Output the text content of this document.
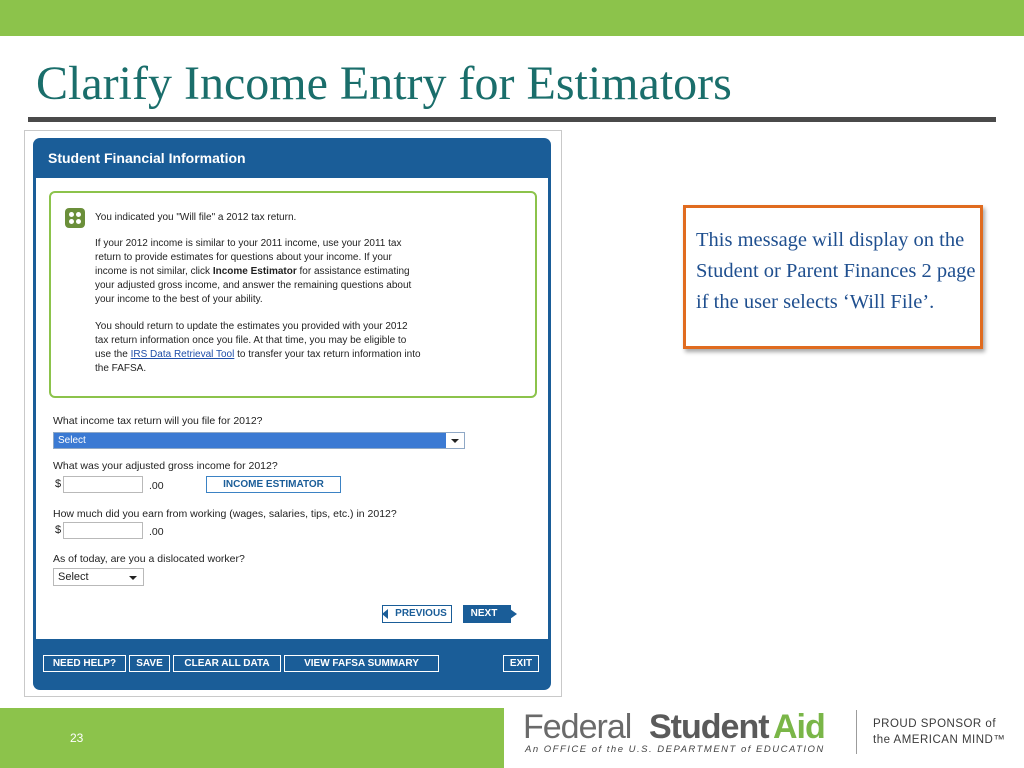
Clarify Income Entry for Estimators
Student Financial Information
You indicated you "Will file" a 2012 tax return.
If your 2012 income is similar to your 2011 income, use your 2011 tax
return to provide estimates for questions about your income. If your
income is not similar, click Income Estimator for assistance estimating
your adjusted gross income, and answer the remaining questions about
your income to the best of your ability.
You should return to update the estimates you provided with your 2012
tax return information once you file. At that time, you may be eligible to
use the IRS Data Retrieval Tool to transfer your tax return information into
the FAFSA.
What income tax return will you file for 2012?
Select
What was your adjusted gross income for 2012?
$	.00	INCOME ESTIMATOR
How much did you earn from working (wages, salaries, tips, etc.) in 2012?
$	.00
As of today, are you a dislocated worker?
Select
PREVIOUS	NEXT
NEED HELP?	SAVE	CLEAR ALL DATA	VIEW FAFSA SUMMARY	EXIT
This message will display on the Student or Parent Finances 2 page if the user selects ‘Will File’.
23	Federal Student Aid
An OFFICE of the U.S. DEPARTMENT of EDUCATION
PROUD SPONSOR of
the AMERICAN MIND™
